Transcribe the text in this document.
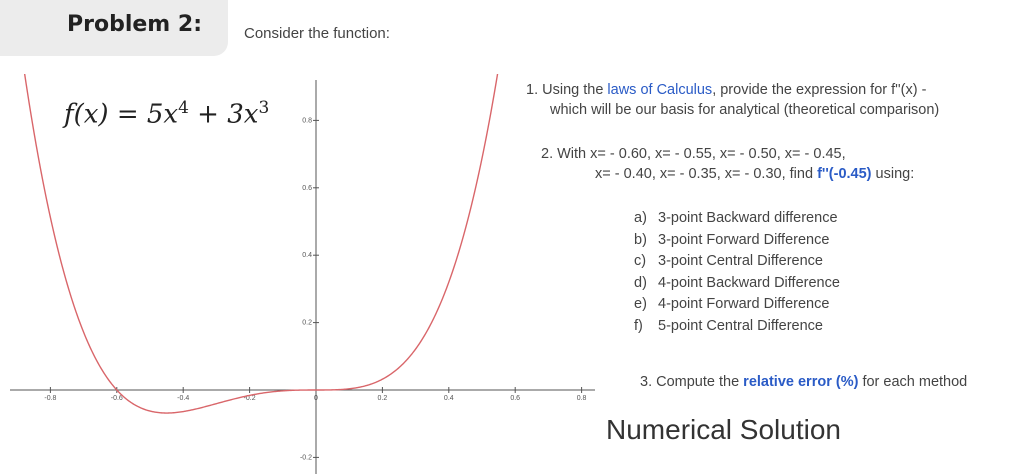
Problem 2:	Consider the function:
-0.8	-0.6	-0.4	-0.2	0	0.2	0.4	0.6	0.8
0.8
0.6
0.4
0.2
-0.2
$f(x) = 5x^4 + 3x^3$
1. Using the laws of Calculus, provide the expression for f''(x) -
which will be our basis for analytical (theoretical comparison)
2. With x= - 0.60, x= - 0.55, x= - 0.50, x= - 0.45,
x= - 0.40, x= - 0.35, x= - 0.30, find f''(-0.45) using:
a) 3-point Backward difference
b) 3-point Forward Difference
c) 3-point Central Difference
d) 4-point Backward Difference
e) 4-point Forward Difference
f) 5-point Central Difference
3. Compute the relative error (%) for each method
Numerical Solution
